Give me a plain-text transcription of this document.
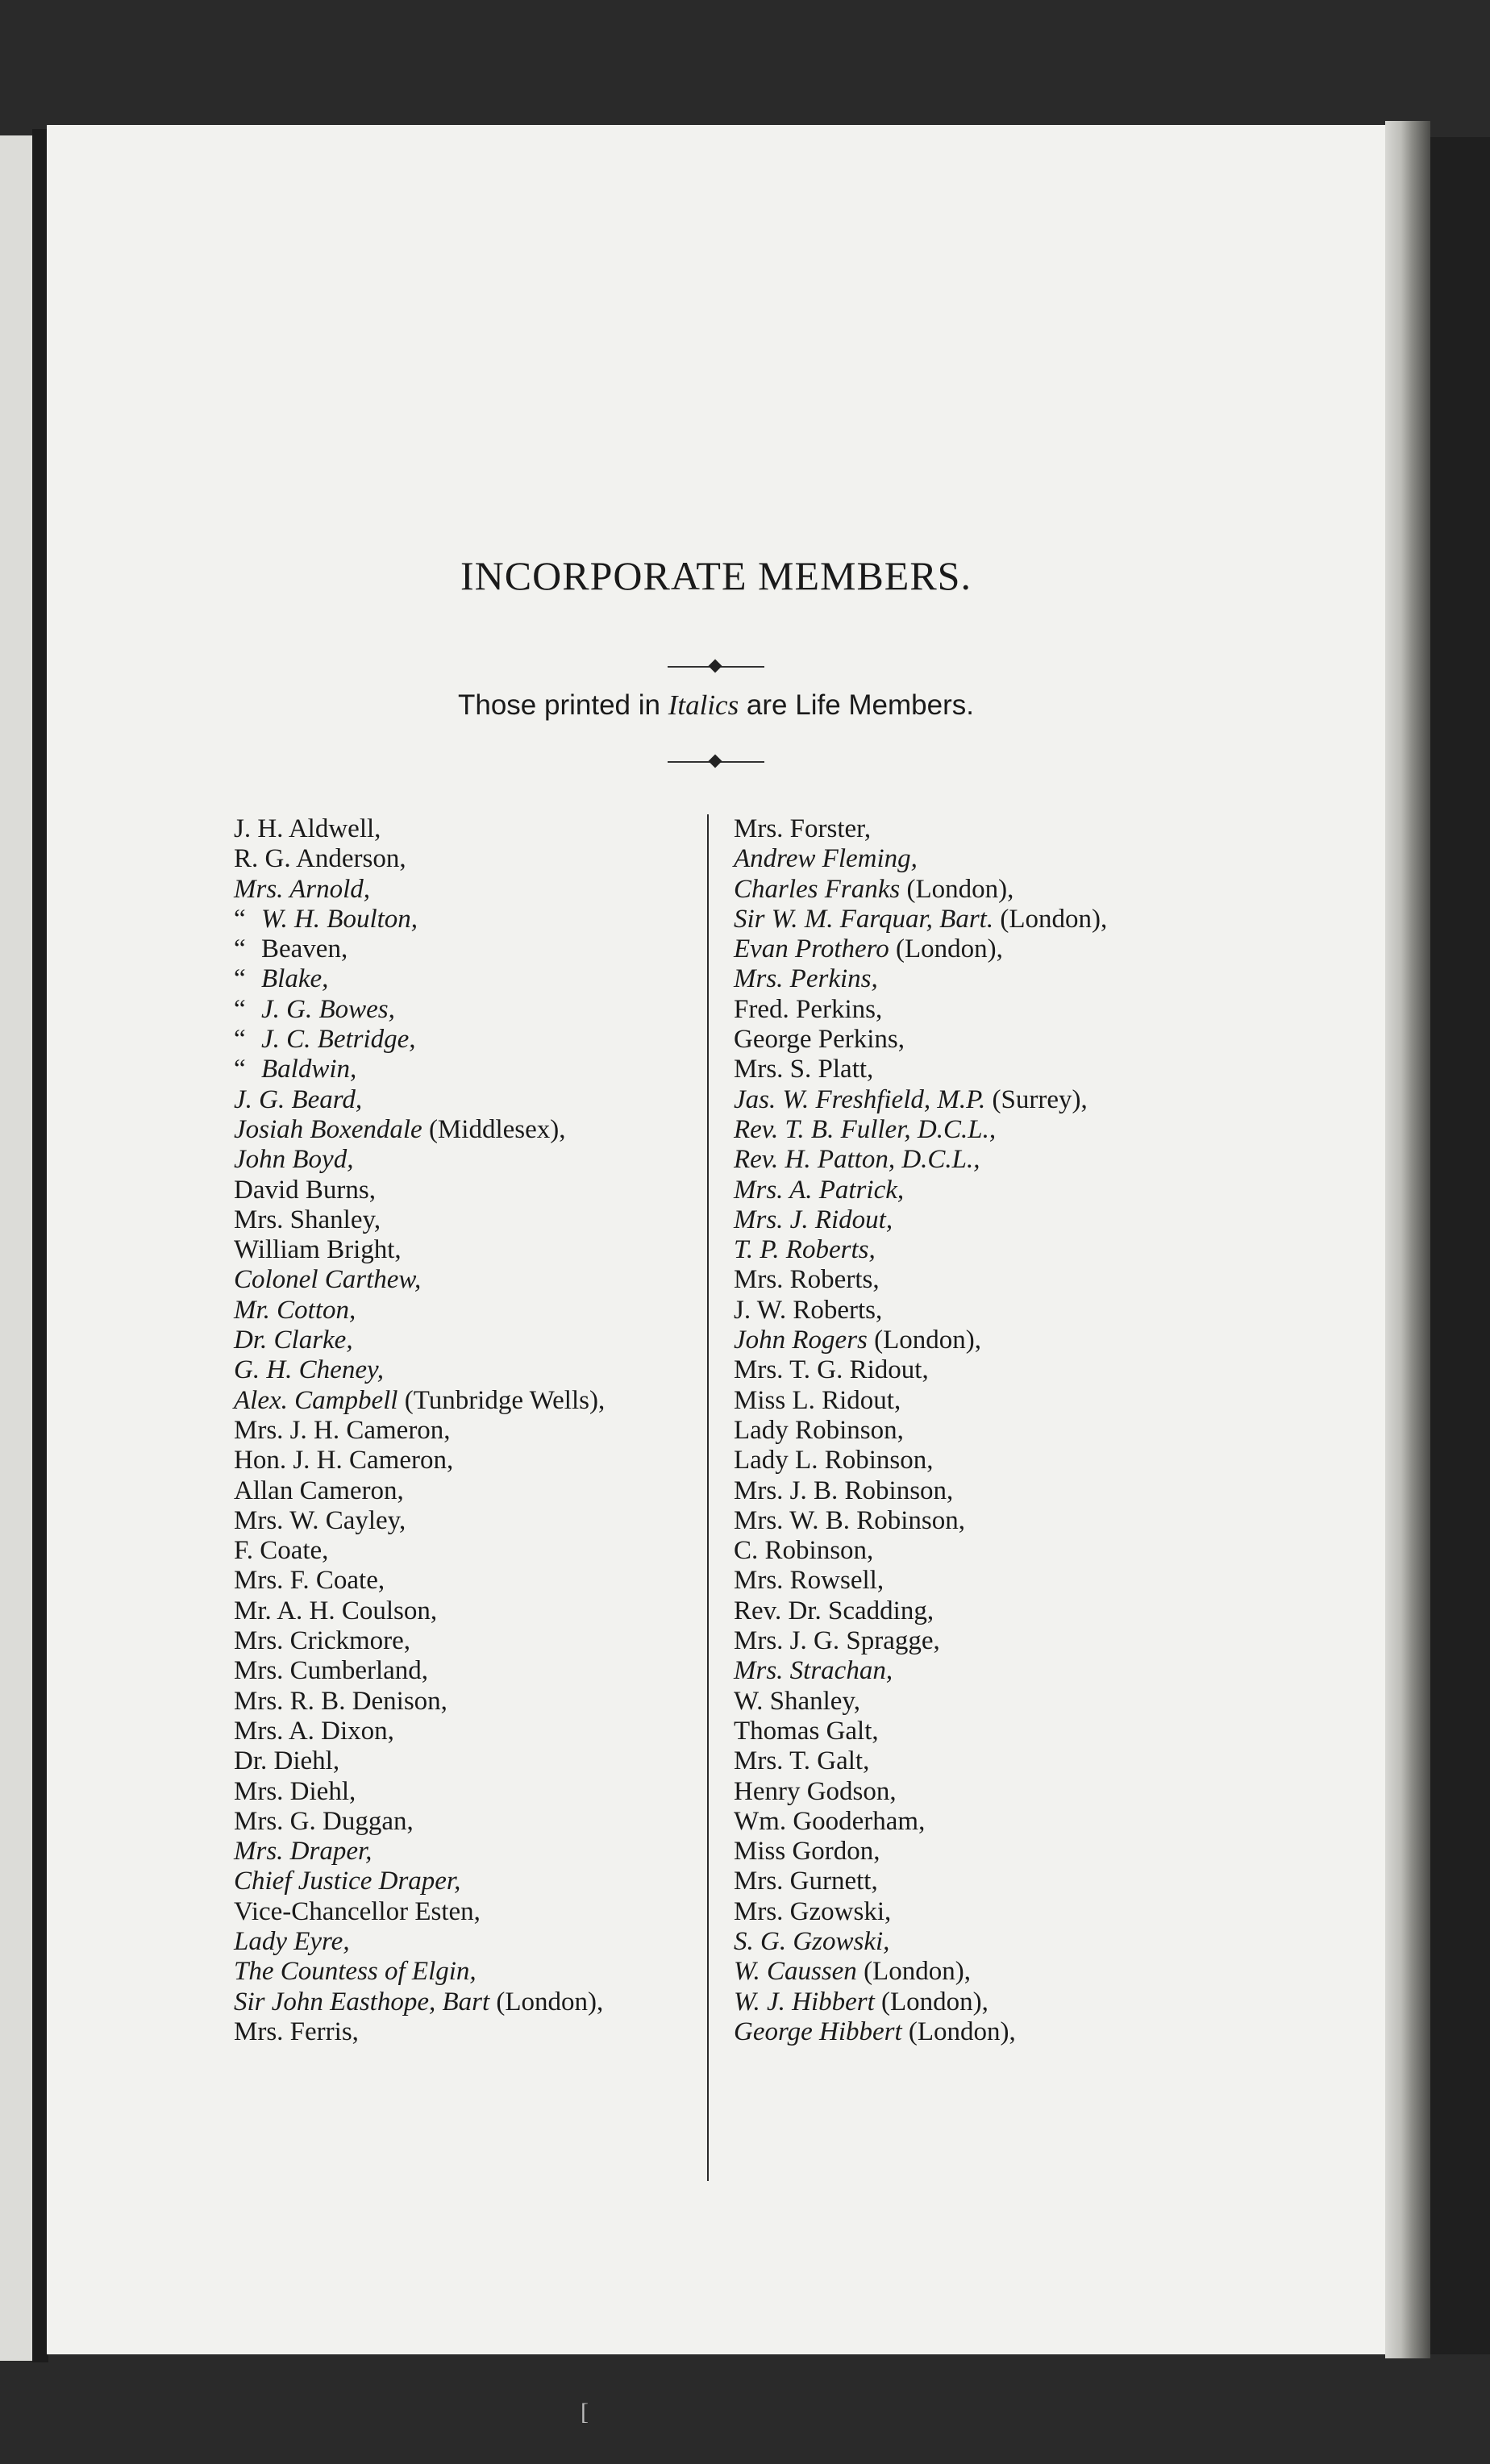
INCORPORATE MEMBERS.
Those printed in Italics are Life Members.
J. H. Aldwell,
R. G. Anderson,
Mrs. Arnold,
“ W. H. Boulton,
“ Beaven,
“ Blake,
“ J. G. Bowes,
“ J. C. Betridge,
“ Baldwin,
J. G. Beard,
Josiah Boxendale (Middlesex),
John Boyd,
David Burns,
Mrs. Shanley,
William Bright,
Colonel Carthew,
Mr. Cotton,
Dr. Clarke,
G. H. Cheney,
Alex. Campbell (Tunbridge Wells),
Mrs. J. H. Cameron,
Hon. J. H. Cameron,
Allan Cameron,
Mrs. W. Cayley,
F. Coate,
Mrs. F. Coate,
Mr. A. H. Coulson,
Mrs. Crickmore,
Mrs. Cumberland,
Mrs. R. B. Denison,
Mrs. A. Dixon,
Dr. Diehl,
Mrs. Diehl,
Mrs. G. Duggan,
Mrs. Draper,
Chief Justice Draper,
Vice-Chancellor Esten,
Lady Eyre,
The Countess of Elgin,
Sir John Easthope, Bart (London),
Mrs. Ferris,
Mrs. Forster,
Andrew Fleming,
Charles Franks (London),
Sir W. M. Farquar, Bart. (London),
Evan Prothero (London),
Mrs. Perkins,
Fred. Perkins,
George Perkins,
Mrs. S. Platt,
Jas. W. Freshfield, M.P. (Surrey),
Rev. T. B. Fuller, D.C.L.,
Rev. H. Patton, D.C.L.,
Mrs. A. Patrick,
Mrs. J. Ridout,
T. P. Roberts,
Mrs. Roberts,
J. W. Roberts,
John Rogers (London),
Mrs. T. G. Ridout,
Miss L. Ridout,
Lady Robinson,
Lady L. Robinson,
Mrs. J. B. Robinson,
Mrs. W. B. Robinson,
C. Robinson,
Mrs. Rowsell,
Rev. Dr. Scadding,
Mrs. J. G. Spragge,
Mrs. Strachan,
W. Shanley,
Thomas Galt,
Mrs. T. Galt,
Henry Godson,
Wm. Gooderham,
Miss Gordon,
Mrs. Gurnett,
Mrs. Gzowski,
S. G. Gzowski,
W. Caussen (London),
W. J. Hibbert (London),
George Hibbert (London),
[
